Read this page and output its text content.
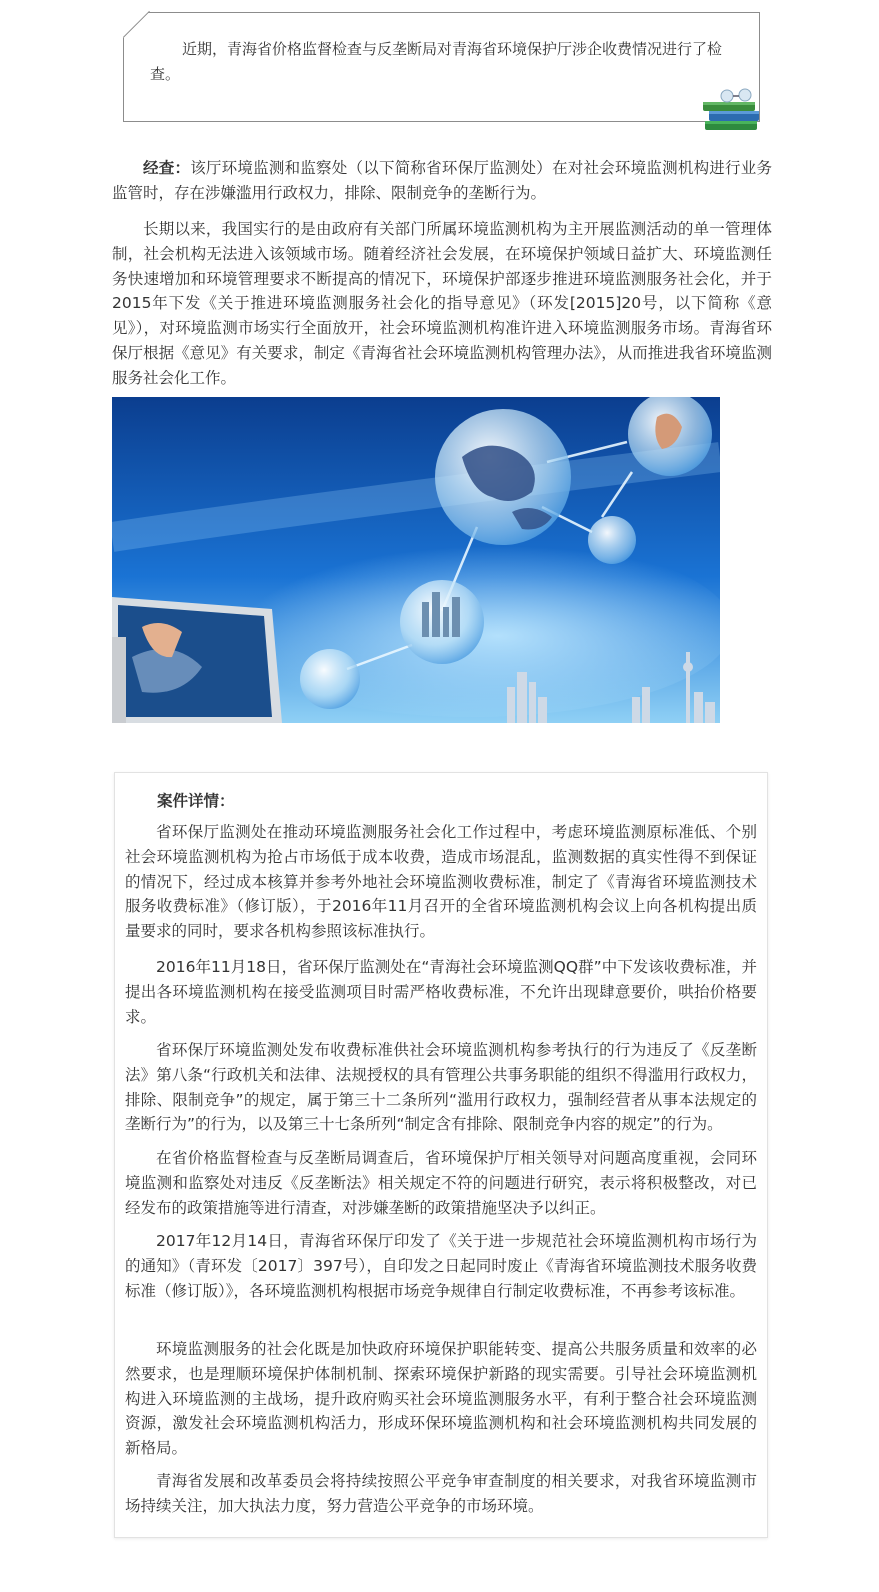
近期，青海省价格监督检查与反垄断局对青海省环境保护厅涉企收费情况进行了检查。

经查：该厅环境监测和监察处（以下简称省环保厅监测处）在对社会环境监测机构进行业务监管时，存在涉嫌滥用行政权力，排除、限制竞争的垄断行为。

长期以来，我国实行的是由政府有关部门所属环境监测机构为主开展监测活动的单一管理体制，社会机构无法进入该领域市场。随着经济社会发展，在环境保护领域日益扩大、环境监测任务快速增加和环境管理要求不断提高的情况下，环境保护部逐步推进环境监测服务社会化，并于2015年下发《关于推进环境监测服务社会化的指导意见》（环发[2015]20号，以下简称《意见》），对环境监测市场实行全面放开，社会环境监测机构准许进入环境监测服务市场。青海省环保厅根据《意见》有关要求，制定《青海省社会环境监测机构管理办法》，从而推进我省环境监测服务社会化工作。

案件详情：

省环保厅监测处在推动环境监测服务社会化工作过程中，考虑环境监测原标准低、个别社会环境监测机构为抢占市场低于成本收费，造成市场混乱，监测数据的真实性得不到保证的情况下，经过成本核算并参考外地社会环境监测收费标准，制定了《青海省环境监测技术服务收费标准》（修订版），于2016年11月召开的全省环境监测机构会议上向各机构提出质量要求的同时，要求各机构参照该标准执行。

2016年11月18日，省环保厅监测处在“青海社会环境监测QQ群”中下发该收费标准，并提出各环境监测机构在接受监测项目时需严格收费标准，不允许出现肆意要价，哄抬价格要求。

省环保厅环境监测处发布收费标准供社会环境监测机构参考执行的行为违反了《反垄断法》第八条“行政机关和法律、法规授权的具有管理公共事务职能的组织不得滥用行政权力，排除、限制竞争”的规定，属于第三十二条所列“滥用行政权力，强制经营者从事本法规定的垄断行为”的行为，以及第三十七条所列“制定含有排除、限制竞争内容的规定”的行为。

在省价格监督检查与反垄断局调查后，省环境保护厅相关领导对问题高度重视，会同环境监测和监察处对违反《反垄断法》相关规定不符的问题进行研究，表示将积极整改，对已经发布的政策措施等进行清查，对涉嫌垄断的政策措施坚决予以纠正。

2017年12月14日，青海省环保厅印发了《关于进一步规范社会环境监测机构市场行为的通知》（青环发〔2017〕397号），自印发之日起同时废止《青海省环境监测技术服务收费标准（修订版）》，各环境监测机构根据市场竞争规律自行制定收费标准，不再参考该标准。

环境监测服务的社会化既是加快政府环境保护职能转变、提高公共服务质量和效率的必然要求，也是理顺环境保护体制机制、探索环境保护新路的现实需要。引导社会环境监测机构进入环境监测的主战场，提升政府购买社会环境监测服务水平，有利于整合社会环境监测资源，激发社会环境监测机构活力，形成环保环境监测机构和社会环境监测机构共同发展的新格局。

青海省发展和改革委员会将持续按照公平竞争审查制度的相关要求，对我省环境监测市场持续关注，加大执法力度，努力营造公平竞争的市场环境。
